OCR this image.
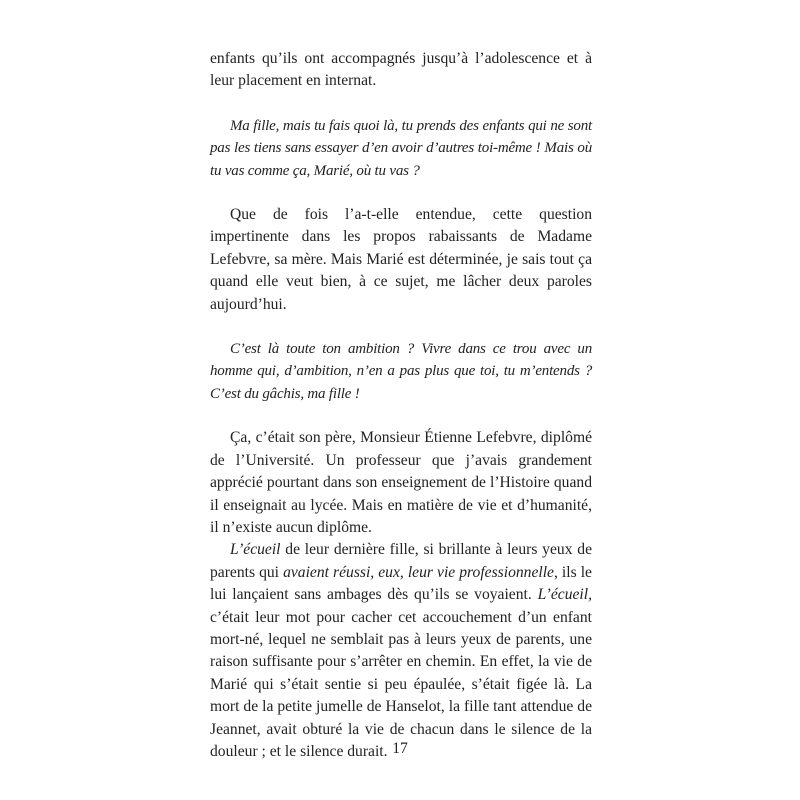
enfants qu’ils ont accompagnés jusqu’à l’adolescence et à leur placement en internat.

Ma fille, mais tu fais quoi là, tu prends des enfants qui ne sont pas les tiens sans essayer d’en avoir d’autres toi-même ! Mais où tu vas comme ça, Marié, où tu vas ?

Que de fois l’a-t-elle entendue, cette question impertinente dans les propos rabaissants de Madame Lefebvre, sa mère. Mais Marié est déterminée, je sais tout ça quand elle veut bien, à ce sujet, me lâcher deux paroles aujourd’hui.

C’est là toute ton ambition ? Vivre dans ce trou avec un homme qui, d’ambition, n’en a pas plus que toi, tu m’entends ? C’est du gâchis, ma fille !

Ça, c’était son père, Monsieur Étienne Lefebvre, diplômé de l’Université. Un professeur que j’avais grandement apprécié pourtant dans son enseignement de l’Histoire quand il enseignait au lycée. Mais en matière de vie et d’humanité, il n’existe aucun diplôme.

L’écueil de leur dernière fille, si brillante à leurs yeux de parents qui avaient réussi, eux, leur vie professionnelle, ils le lui lançaient sans ambages dès qu’ils se voyaient. L’écueil, c’était leur mot pour cacher cet accouchement d’un enfant mort-né, lequel ne semblait pas à leurs yeux de parents, une raison suffisante pour s’arrêter en chemin. En effet, la vie de Marié qui s’était sentie si peu épaulée, s’était figée là. La mort de la petite jumelle de Hanselot, la fille tant attendue de Jeannet, avait obturé la vie de chacun dans le silence de la douleur ; et le silence durait. 17
